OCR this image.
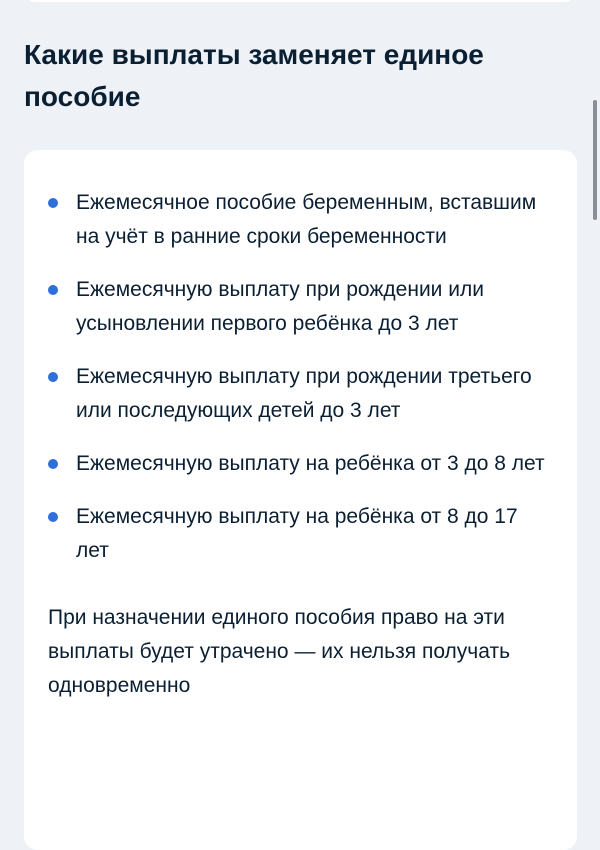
Какие выплаты заменяет единое пособие
Ежемесячное пособие беременным, вставшим на учёт в ранние сроки беременности
Ежемесячную выплату при рождении или усыновлении первого ребёнка до 3 лет
Ежемесячную выплату при рождении третьего или последующих детей до 3 лет
Ежемесячную выплату на ребёнка от 3 до 8 лет
Ежемесячную выплату на ребёнка от 8 до 17 лет

При назначении единого пособия право на эти выплаты будет утрачено — их нельзя получать одновременно
